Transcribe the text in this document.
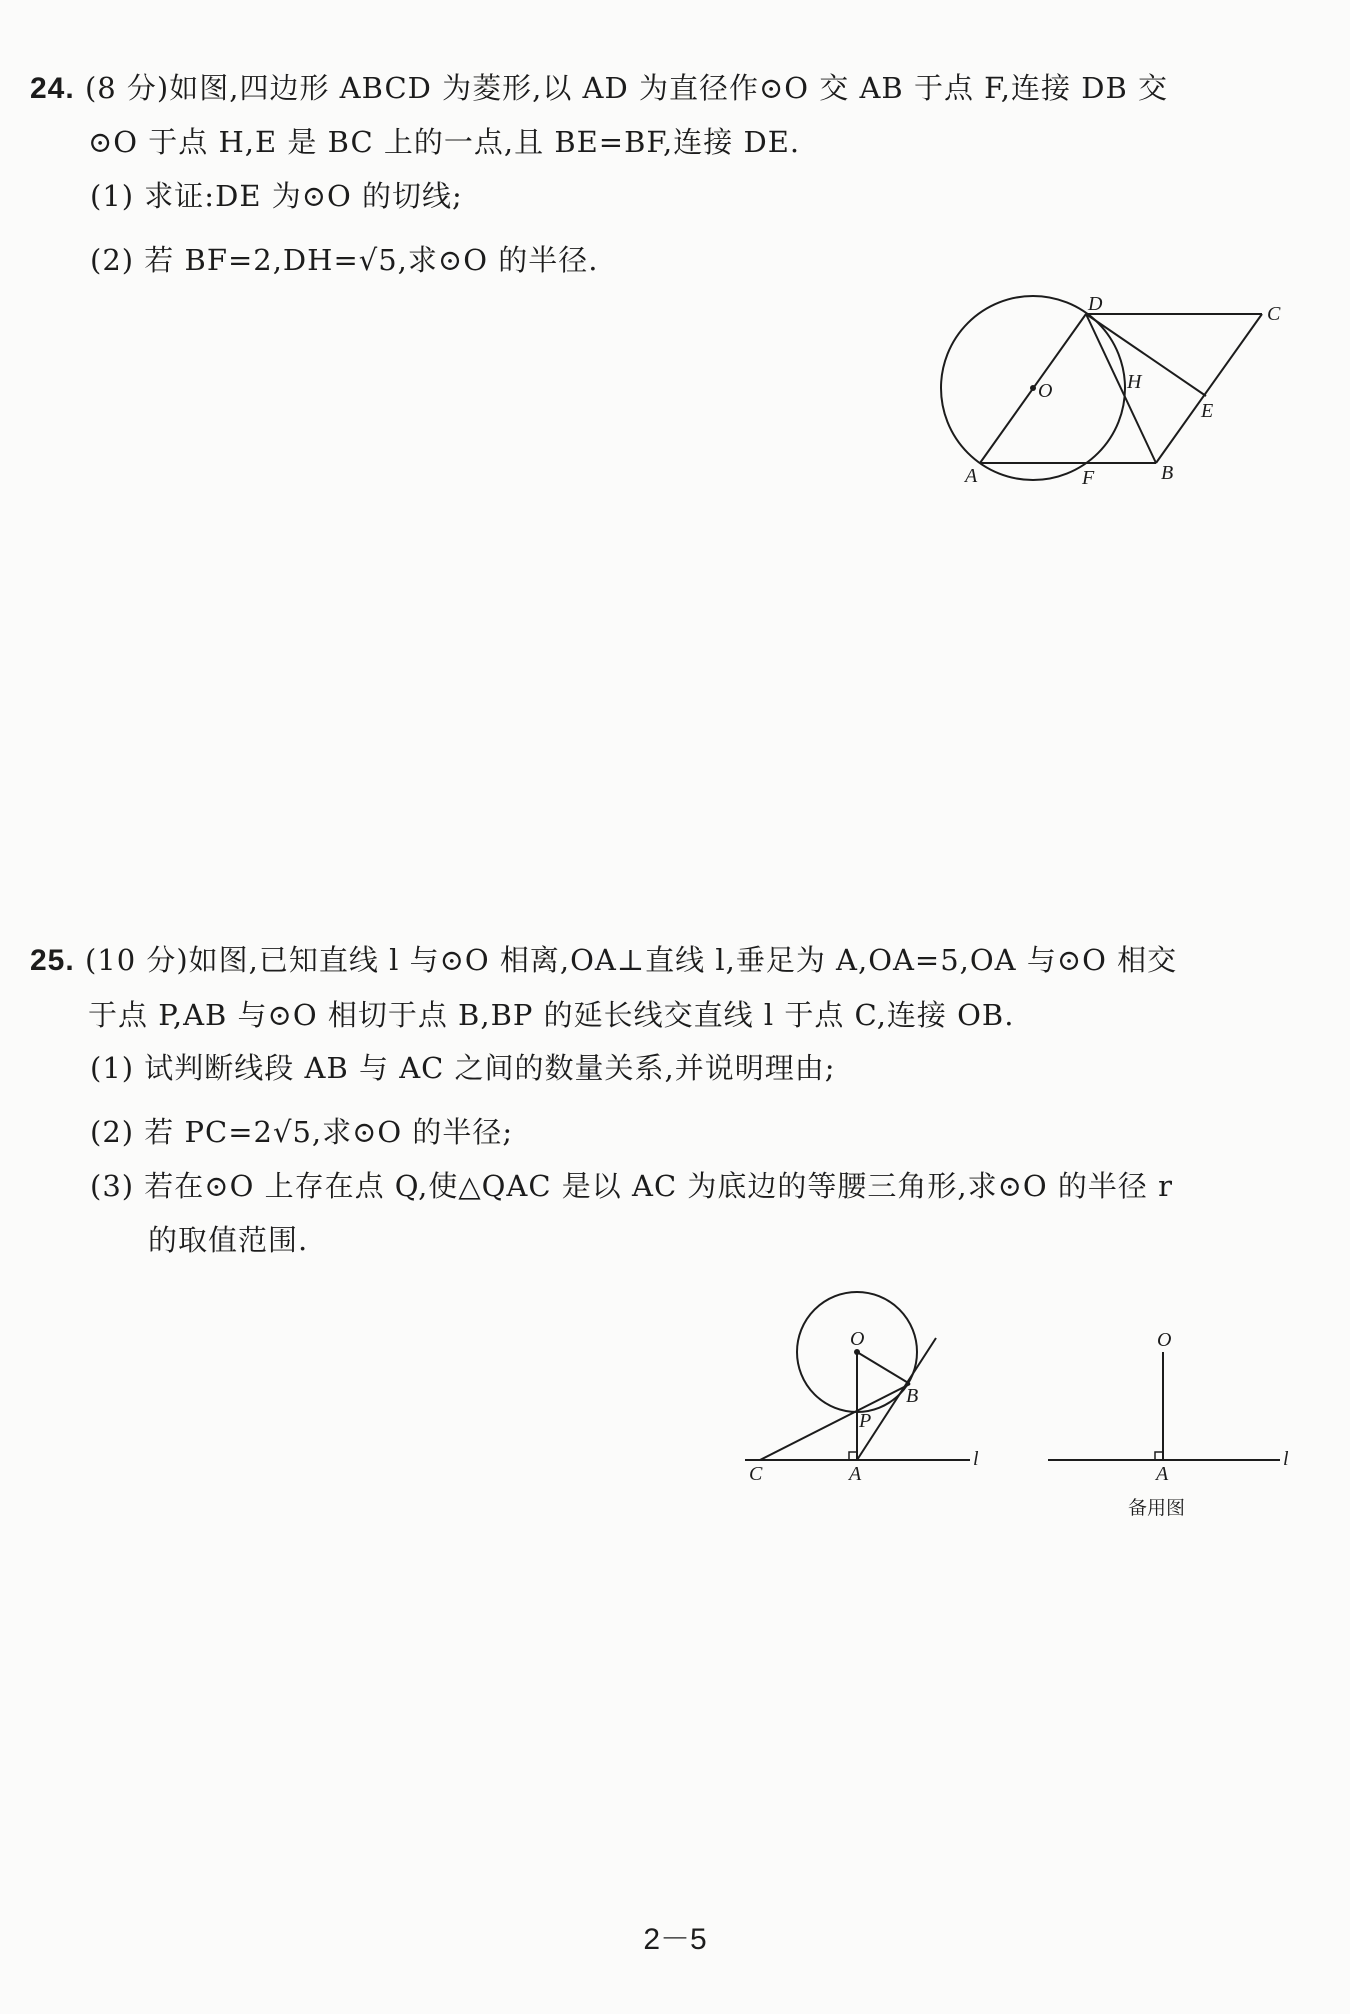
24. (8 分)如图,四边形 ABCD 为菱形,以 AD 为直径作⊙O 交 AB 于点 F,连接 DB 交
⊙O 于点 H,E 是 BC 上的一点,且 BE=BF,连接 DE.
(1) 求证:DE 为⊙O 的切线;
(2) 若 BF=2,DH=√5,求⊙O 的半径.
D	C
O	H
E
A	F	B
25. (10 分)如图,已知直线 l 与⊙O 相离,OA⊥直线 l,垂足为 A,OA=5,OA 与⊙O 相交
于点 P,AB 与⊙O 相切于点 B,BP 的延长线交直线 l 于点 C,连接 OB.
(1) 试判断线段 AB 与 AC 之间的数量关系,并说明理由;
(2) 若 PC=2√5,求⊙O 的半径;
(3) 若在⊙O 上存在点 Q,使△QAC 是以 AC 为底边的等腰三角形,求⊙O 的半径 r
的取值范围.
O
B
P
C	A
l
O
A
l
备用图
2－5
